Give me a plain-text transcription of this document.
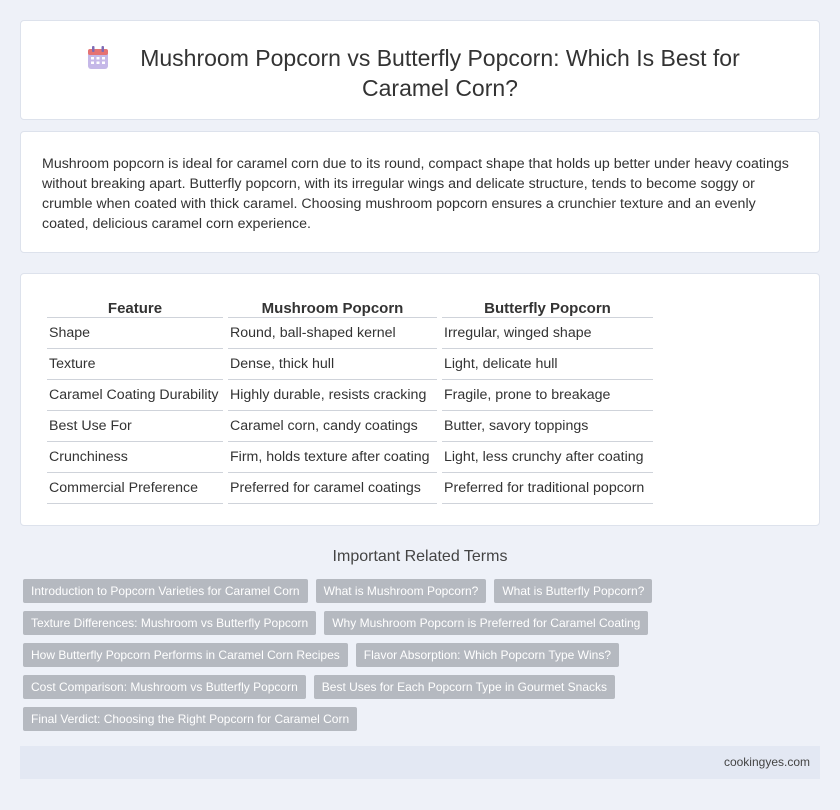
Mushroom Popcorn vs Butterfly Popcorn: Which Is Best for Caramel Corn?

Mushroom popcorn is ideal for caramel corn due to its round, compact shape that holds up better under heavy coatings without breaking apart. Butterfly popcorn, with its irregular wings and delicate structure, tends to become soggy or crumble when coated with thick caramel. Choosing mushroom popcorn ensures a crunchier texture and an evenly coated, delicious caramel corn experience.

Feature	Mushroom Popcorn	Butterfly Popcorn
Shape	Round, ball-shaped kernel	Irregular, winged shape
Texture	Dense, thick hull	Light, delicate hull
Caramel Coating Durability	Highly durable, resists cracking	Fragile, prone to breakage
Best Use For	Caramel corn, candy coatings	Butter, savory toppings
Crunchiness	Firm, holds texture after coating	Light, less crunchy after coating
Commercial Preference	Preferred for caramel coatings	Preferred for traditional popcorn
Important Related Terms
Introduction to Popcorn Varieties for Caramel Corn	What is Mushroom Popcorn?	What is Butterfly Popcorn?
Texture Differences: Mushroom vs Butterfly Popcorn	Why Mushroom Popcorn is Preferred for Caramel Coating
How Butterfly Popcorn Performs in Caramel Corn Recipes	Flavor Absorption: Which Popcorn Type Wins?
Cost Comparison: Mushroom vs Butterfly Popcorn	Best Uses for Each Popcorn Type in Gourmet Snacks
Final Verdict: Choosing the Right Popcorn for Caramel Corn
cookingyes.com
